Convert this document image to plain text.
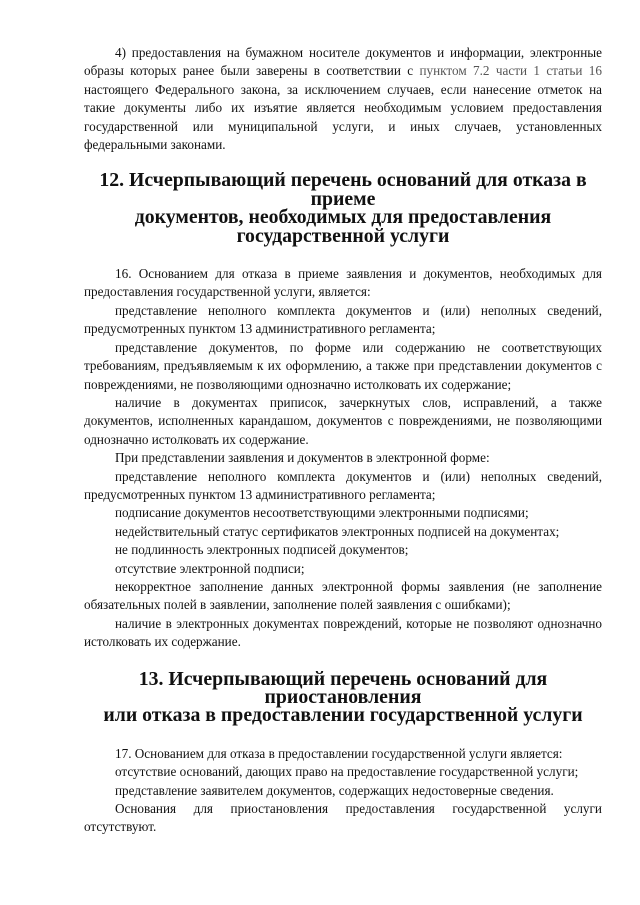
4) предоставления на бумажном носителе документов и информации, электронные образы которых ранее были заверены в соответствии с пунктом 7.2 части 1 статьи 16 настоящего Федерального закона, за исключением случаев, если нанесение отметок на такие документы либо их изъятие является необходимым условием предоставления государственной или муниципальной услуги, и иных случаев, установленных федеральными законами.

12. Исчерпывающий перечень оснований для отказа в приеме
документов, необходимых для предоставления
государственной услуги

16. Основанием для отказа в приеме заявления и документов, необходимых для предоставления государственной услуги, является:

представление неполного комплекта документов и (или) неполных сведений, предусмотренных пунктом 13 административного регламента;

представление документов, по форме или содержанию не соответствующих требованиям, предъявляемым к их оформлению, а также при представлении документов с повреждениями, не позволяющими однозначно истолковать их содержание;

наличие в документах приписок, зачеркнутых слов, исправлений, а также документов, исполненных карандашом, документов с повреждениями, не позволяющими однозначно истолковать их содержание.

При представлении заявления и документов в электронной форме:

представление неполного комплекта документов и (или) неполных сведений, предусмотренных пунктом 13 административного регламента;

подписание документов несоответствующими электронными подписями;

недействительный статус сертификатов электронных подписей на документах;

не подлинность электронных подписей документов;

отсутствие электронной подписи;

некорректное заполнение данных электронной формы заявления (не заполнение обязательных полей в заявлении, заполнение полей заявления с ошибками);

наличие в электронных документах повреждений, которые не позволяют однозначно истолковать их содержание.

13. Исчерпывающий перечень оснований для приостановления
или отказа в предоставлении государственной услуги

17. Основанием для отказа в предоставлении государственной услуги является:

отсутствие оснований, дающих право на предоставление государственной услуги;

представление заявителем документов, содержащих недостоверные сведения.

Основания для приостановления предоставления государственной услуги отсутствуют.
